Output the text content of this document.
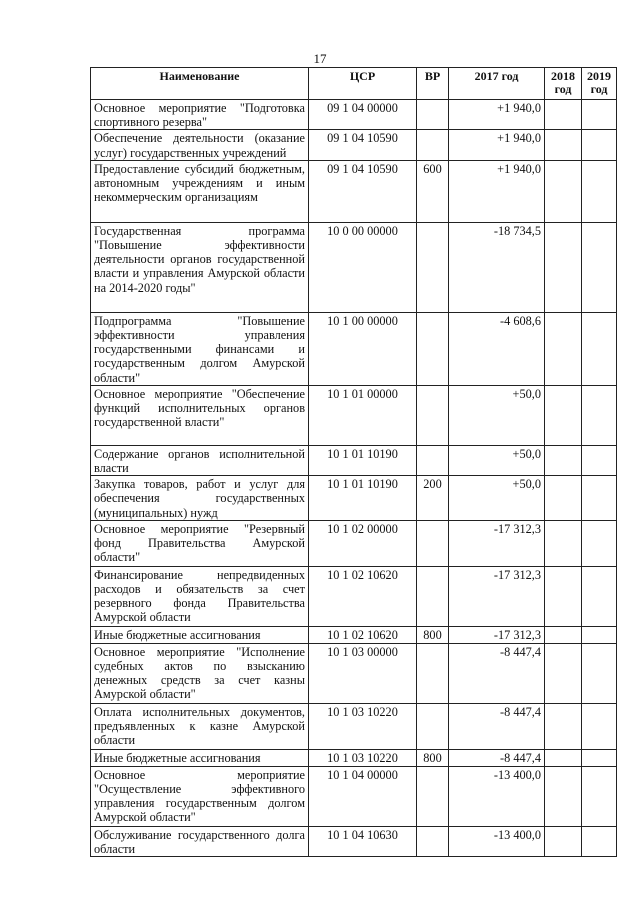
17
Наименование	ЦСР	ВР	2017 год	2018 год	2019 год
Основное мероприятие "Подготовка спортивного резерва"	09 1 04 00000		+1 940,0		
Обеспечение деятельности (оказание услуг) государственных учреждений	09 1 04 10590		+1 940,0		
Предоставление субсидий бюджетным, автономным учреждениям и иным некоммерческим организациям	09 1 04 10590	600	+1 940,0		
Государственная программа "Повышение эффективности деятельности органов государственной власти и управления Амурской области на 2014-2020 годы"	10 0 00 00000		-18 734,5		
Подпрограмма "Повышение эффективности управления государственными финансами и государственным долгом Амурской области"	10 1 00 00000		-4 608,6		
Основное мероприятие "Обеспечение функций исполнительных органов государственной власти"	10 1 01 00000		+50,0		
Содержание органов исполнительной власти	10 1 01 10190		+50,0		
Закупка товаров, работ и услуг для обеспечения государственных (муниципальных) нужд	10 1 01 10190	200	+50,0		
Основное мероприятие "Резервный фонд Правительства Амурской области"	10 1 02 00000		-17 312,3		
Финансирование непредвиденных расходов и обязательств за счет резервного фонда Правительства Амурской области	10 1 02 10620		-17 312,3		
Иные бюджетные ассигнования	10 1 02 10620	800	-17 312,3		
Основное мероприятие "Исполнение судебных актов по взысканию денежных средств за счет казны Амурской области"	10 1 03 00000		-8 447,4		
Оплата исполнительных документов, предъявленных к казне Амурской области	10 1 03 10220		-8 447,4		
Иные бюджетные ассигнования	10 1 03 10220	800	-8 447,4		
Основное мероприятие "Осуществление эффективного управления государственным долгом Амурской области"	10 1 04 00000		-13 400,0		
Обслуживание государственного долга области	10 1 04 10630		-13 400,0		
